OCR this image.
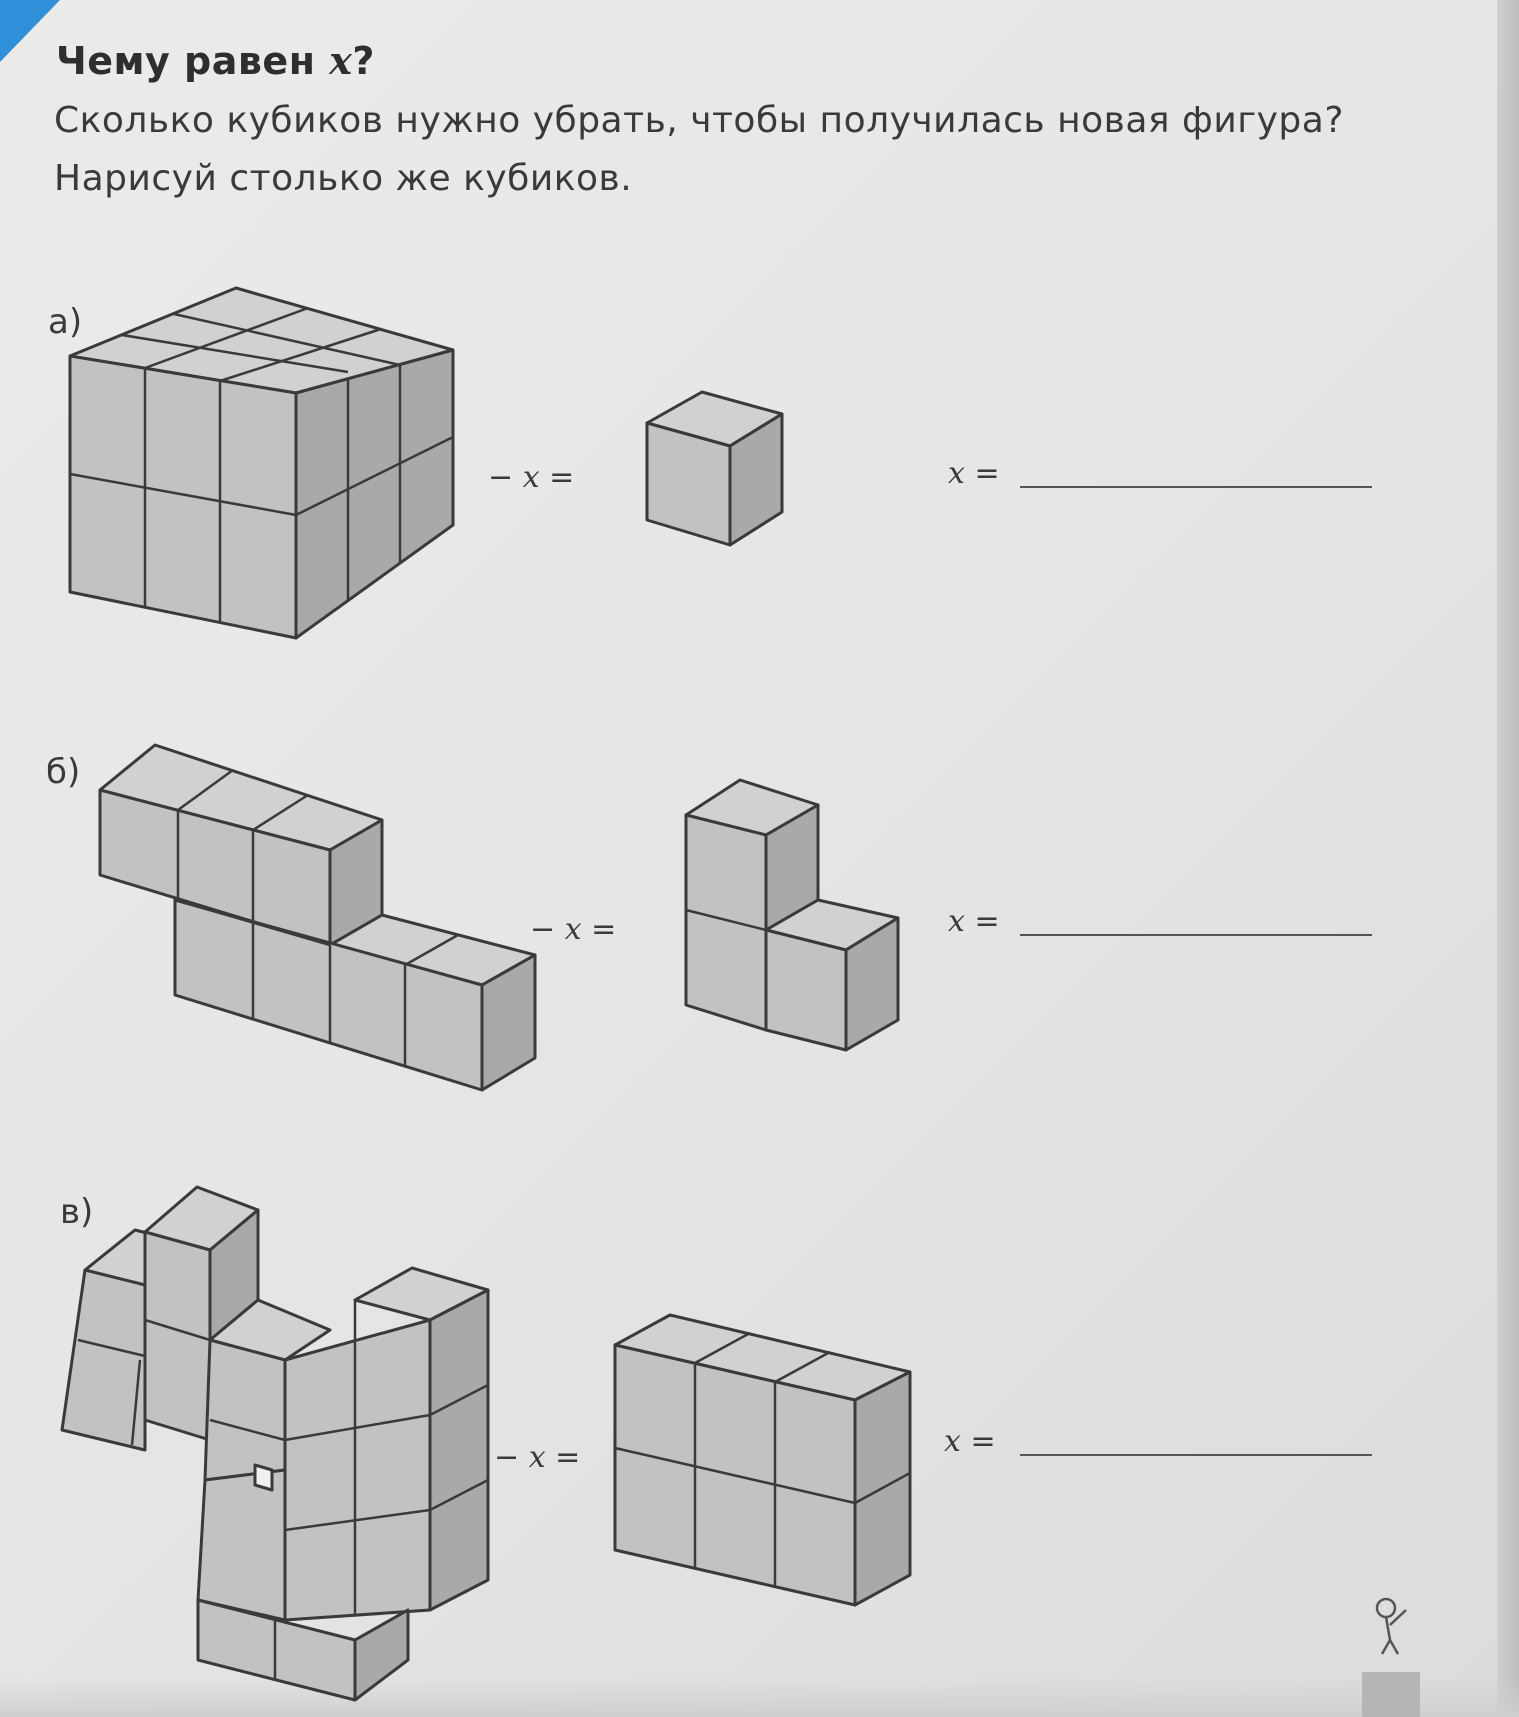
Чему равен x?
Сколько кубиков нужно убрать, чтобы получилась новая фигура?
Нарисуй столько же кубиков.
а)
− x =	x =
б)
− x =	x =
в)
− x =	x =
